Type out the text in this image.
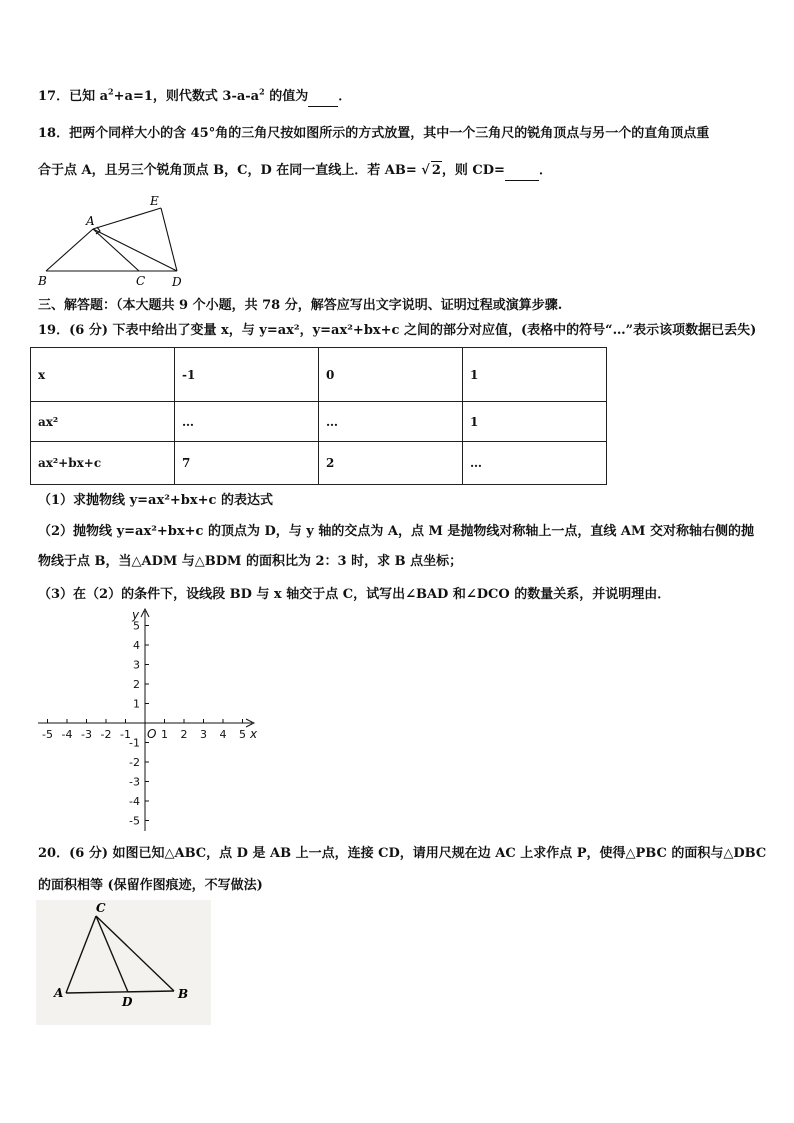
17．已知 $a^2+a=1$，则代数式 $3-a-a^2$ 的值为 ．
18．把两个同样大小的含 45°角的三角尺按如图所示的方式放置，其中一个三角尺的锐角顶点与另一个的直角顶点重
合于点 A，且另三个锐角顶点 B，C，D 在同一直线上．若 AB= √ 2，则 CD=	．
A
E
B	C D
三、解答题：（本大题共 9 个小题，共 78 分，解答应写出文字说明、证明过程或演算步骤.
19．(6 分) 下表中给出了变量 x，与 y=ax²，y=ax²+bx+c 之间的部分对应值，(表格中的符号“…”表示该项数据已丢失)
x	-1	0	1
ax²	…	…	1
ax²+bx+c	7	2	…
（1）求抛物线 y=ax²+bx+c 的表达式
（2）抛物线 y=ax²+bx+c 的顶点为 D，与 y 轴的交点为 A，点 M 是抛物线对称轴上一点，直线 AM 交对称轴右侧的抛
物线于点 B，当△ADM 与△BDM 的面积比为 2：3 时，求 B 点坐标；
（3）在（2）的条件下，设线段 BD 与 x 轴交于点 C，试写出∠BAD 和∠DCO 的数量关系，并说明理由．
-5 -4 -3 -2 -1	1 2 3 4 5
5
4
3
2
1
-1
-2
-3
-4
-5
O	x
y
20．(6 分) 如图已知△ABC，点 D 是 AB 上一点，连接 CD，请用尺规在边 AC 上求作点 P，使得△PBC 的面积与△DBC
的面积相等 (保留作图痕迹，不写做法)
C
A
D
B
